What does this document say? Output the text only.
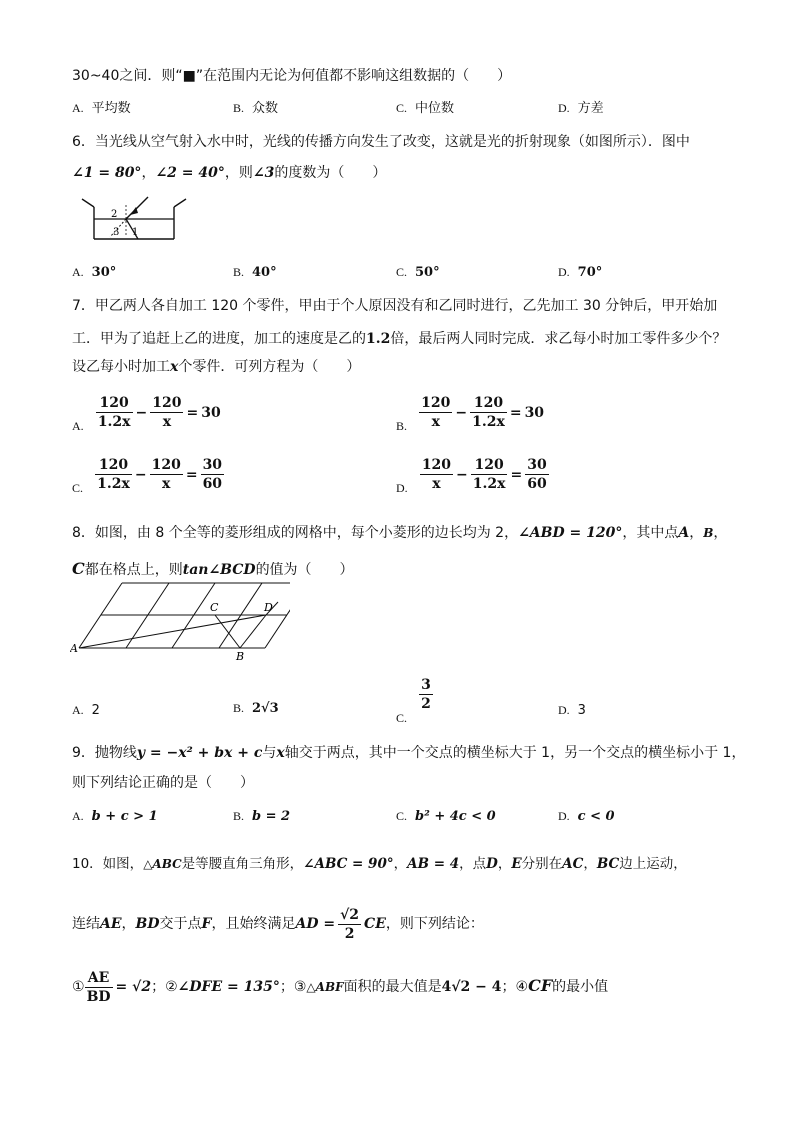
30~40之间．则“■”在范围内无论为何值都不影响这组数据的（　　）
A. 平均数	B. 众数	C. 中位数	D. 方差
6．当光线从空气射入水中时，光线的传播方向发生了改变，这就是光的折射现象（如图所示）．图中
∠1 = 80°，∠2 = 40°，则∠3的度数为（　　）
2
3 1
A. 30°	B. 40°	C. 50°	D. 70°
7．甲乙两人各自加工 120 个零件，甲由于个人原因没有和乙同时进行，乙先加工 30 分钟后，甲开始加
工．甲为了追赶上乙的进度，加工的速度是乙的1.2倍，最后两人同时完成．求乙每小时加工零件多少个？
设乙每小时加工x个零件．可列方程为（　　）
A. $\frac{120}{1.2x} - \frac{120}{x} = 30$
B. $\frac{120}{x} - \frac{120}{1.2x} = 30$
C. $\frac{120}{1.2x} - \frac{120}{x} = \frac{30}{60}$	D. $\frac{120}{x} - \frac{120}{1.2x} = \frac{30}{60}$
8．如图，由 8 个全等的菱形组成的网格中，每个小菱形的边长均为 2，∠ABD = 120°，其中点A，B，
C都在格点上，则tan∠BCD的值为（　　）
A
B
C	D
A. 2	B. 2√3
C.
$\frac{3}{2}$	D. 3
9．抛物线y = −x² + bx + c与x轴交于两点，其中一个交点的横坐标大于 1，另一个交点的横坐标小于 1，
则下列结论正确的是（　　）
A. b + c > 1	B. b = 2	C. b² + 4c < 0	D. c < 0
10．如图，△ABC是等腰直角三角形，∠ABC = 90°，AB = 4，点D，E分别在AC，BC边上运动，
连结AE，BD交于点F，且始终满足AD = $\frac{√2}{2}$ CE，则下列结论：
① $\frac{AE}{BD} = √2$；②∠DFE = 135°；③△ABF面积的最大值是4√2 − 4；④CF的最小值
